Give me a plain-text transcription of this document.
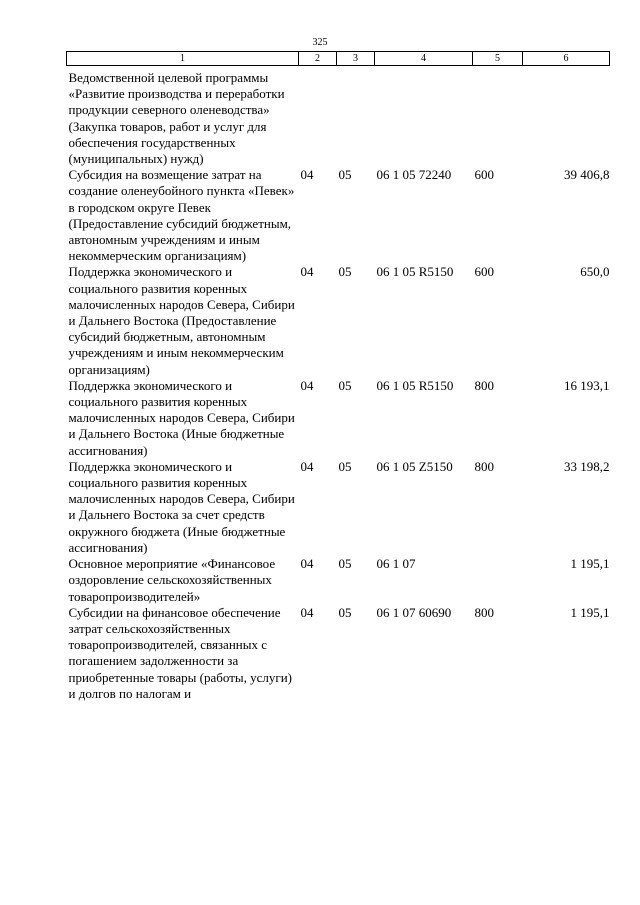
325
1	2	3	4	5	6
Ведомственной целевой программы «Развитие производства и переработки продукции северного оленеводства» (Закупка товаров, работ и услуг для обеспечения государственных (муниципальных) нужд)					
Субсидия на возмещение затрат на создание оленеубойного пункта «Певек» в городском округе Певек (Предоставление субсидий бюджетным, автономным учреждениям и иным некоммерческим организациям)	04	05	06 1 05 72240	600	39 406,8
Поддержка экономического и социального развития коренных малочисленных народов Севера, Сибири и Дальнего Востока (Предоставление субсидий бюджетным, автономным учреждениям и иным некоммерческим организациям)	04	05	06 1 05 R5150	600	650,0
Поддержка экономического и социального развития коренных малочисленных народов Севера, Сибири и Дальнего Востока (Иные бюджетные ассигнования)	04	05	06 1 05 R5150	800	16 193,1
Поддержка экономического и социального развития коренных малочисленных народов Севера, Сибири и Дальнего Востока за счет средств окружного бюджета (Иные бюджетные ассигнования)	04	05	06 1 05 Z5150	800	33 198,2
Основное мероприятие «Финансовое оздоровление сельскохозяйственных товаропроизводителей»	04	05	06 1 07		1 195,1
Субсидии на финансовое обеспечение затрат сельскохозяйственных товаропроизводителей, связанных с погашением задолженности за приобретенные товары (работы, услуги) и долгов по налогам и	04	05	06 1 07 60690	800	1 195,1
